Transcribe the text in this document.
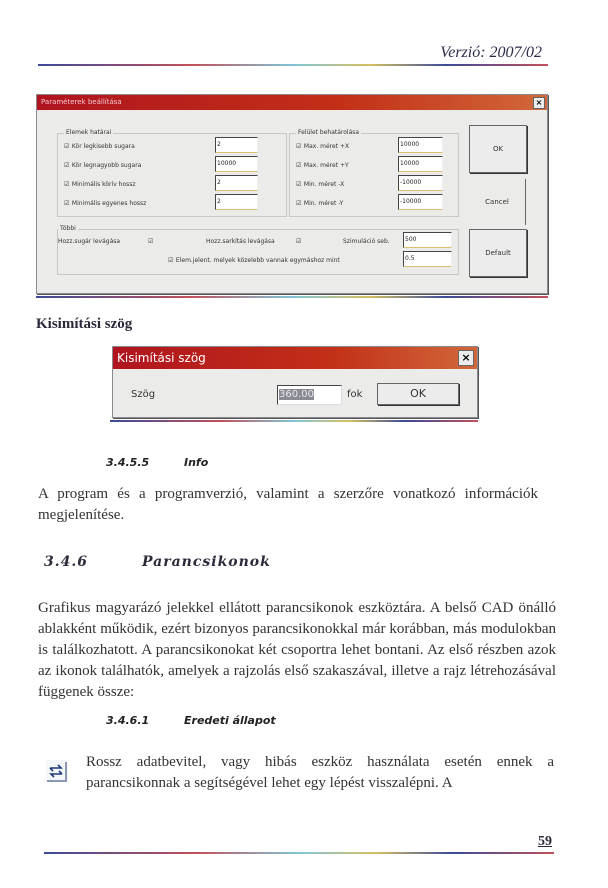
Verzió: 2007/02
Paraméterek beállítása	×
Elemek határai
☑ Kör legkisebb sugara	2
☑ Kör legnagyobb sugara	10000
☑ Minimális körív hossz	2
☑ Minimális egyenes hossz	2
Felület behatárolása
☑ Max. méret +X	10000
☑ Max. méret +Y	10000
☑ Min. méret -X	-10000
☑ Min. méret -Y	-10000
Többi
Hozz.sugár levágása	☑	Hozz.sarkítás levágása	☑	Szimuláció seb.	500
☑ Elem.jelent. melyek közelebb vannak egymáshoz mint	0.5
OK
Cancel
Default
Kisimítási szög
Kisimítási szög	×
Szög	360.00	fok	OK
3.4.5.5	Info
A program és a programverzió, valamint a szerzőre vonatkozó információk megjelenítése.
3.4.6	Parancsikonok
Grafikus magyarázó jelekkel ellátott parancsikonok eszköztára. A belső CAD önálló ablakként működik, ezért bizonyos parancsikonokkal már korábban, más modulokban is találkozhatott. A parancsikonokat két csoportra lehet bontani. Az első részben azok az ikonok találhatók, amelyek a rajzolás első szakaszával, illetve a rajz létrehozásával függenek össze:
3.4.6.1	Eredeti állapot
Rossz adatbevitel, vagy hibás eszköz használata esetén ennek a parancsikonnak a segítségével lehet egy lépést visszalépni. A
59
